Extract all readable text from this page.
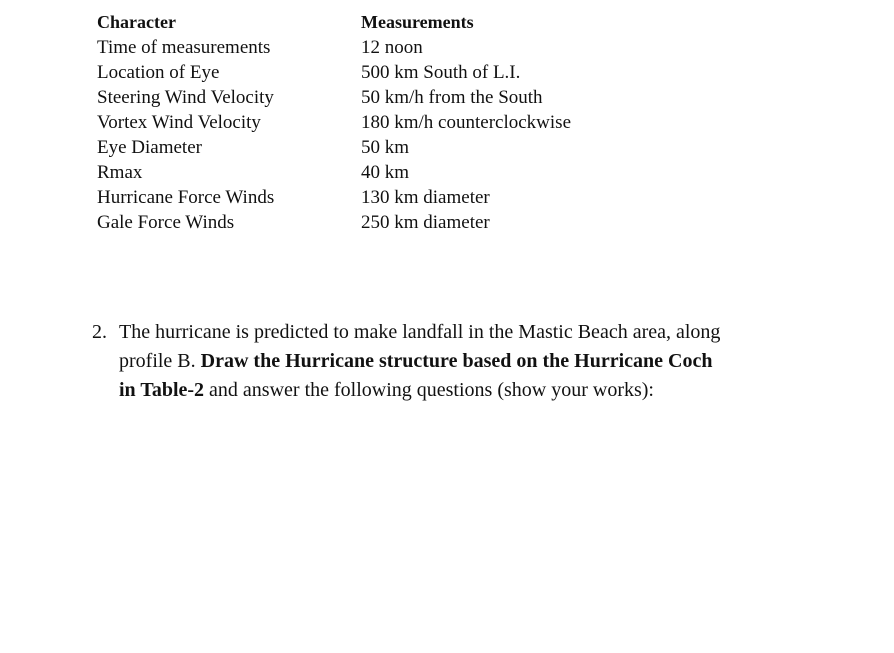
Character	Measurements
Time of measurements	12 noon
Location of Eye	500 km South of L.I.
Steering Wind Velocity	50 km/h from the South
Vortex Wind Velocity	180 km/h counterclockwise
Eye Diameter	50 km
Rmax	40 km
Hurricane Force Winds	130 km diameter
Gale Force Winds	250 km diameter
2. The hurricane is predicted to make landfall in the Mastic Beach area, along
profile B. Draw the Hurricane structure based on the Hurricane Coch
in Table-2 and answer the following questions (show your works):
